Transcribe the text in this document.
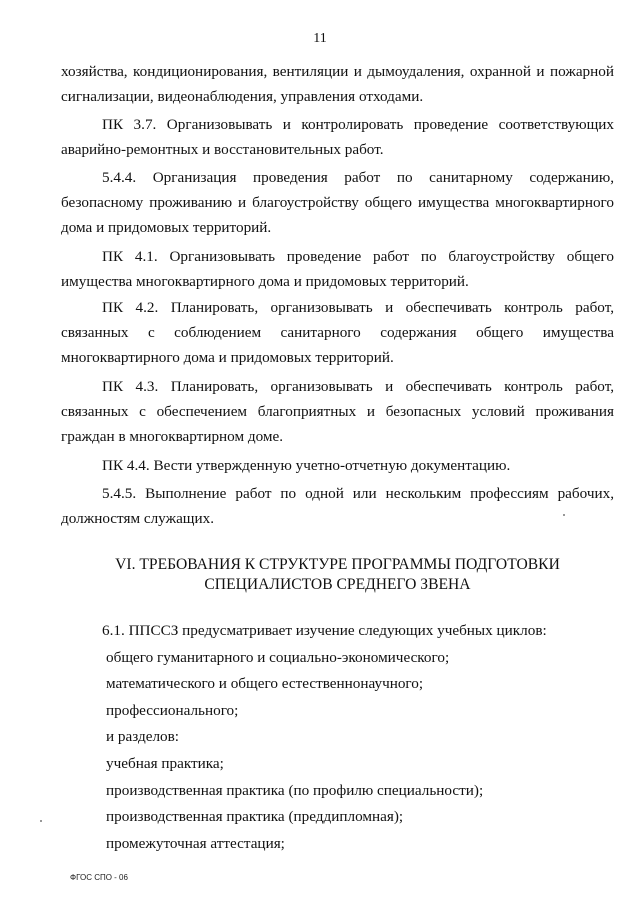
11

хозяйства, кондиционирования, вентиляции и дымоудаления, охранной и пожарной сигнализации, видеонаблюдения, управления отходами.

ПК 3.7. Организовывать и контролировать проведение соответствующих аварийно-ремонтных и восстановительных работ.

5.4.4. Организация проведения работ по санитарному содержанию, безопасному проживанию и благоустройству общего имущества многоквартирного дома и придомовых территорий.

ПК 4.1. Организовывать проведение работ по благоустройству общего имущества многоквартирного дома и придомовых территорий.

ПК 4.2. Планировать, организовывать и обеспечивать контроль работ, связанных с соблюдением санитарного содержания общего имущества многоквартирного дома и придомовых территорий.

ПК 4.3. Планировать, организовывать и обеспечивать контроль работ, связанных с обеспечением благоприятных и безопасных условий проживания граждан в многоквартирном доме.

ПК 4.4. Вести утвержденную учетно-отчетную документацию.

5.4.5. Выполнение работ по одной или нескольким профессиям рабочих, должностям служащих.

VI. ТРЕБОВАНИЯ К СТРУКТУРЕ ПРОГРАММЫ ПОДГОТОВКИ
СПЕЦИАЛИСТОВ СРЕДНЕГО ЗВЕНА
6.1. ППССЗ предусматривает изучение следующих учебных циклов:
общего гуманитарного и социально-экономического;
математического и общего естественнонаучного;
профессионального;
и разделов:
учебная практика;
производственная практика (по профилю специальности);
производственная практика (преддипломная);
промежуточная аттестация;
ФГОС СПО - 06
